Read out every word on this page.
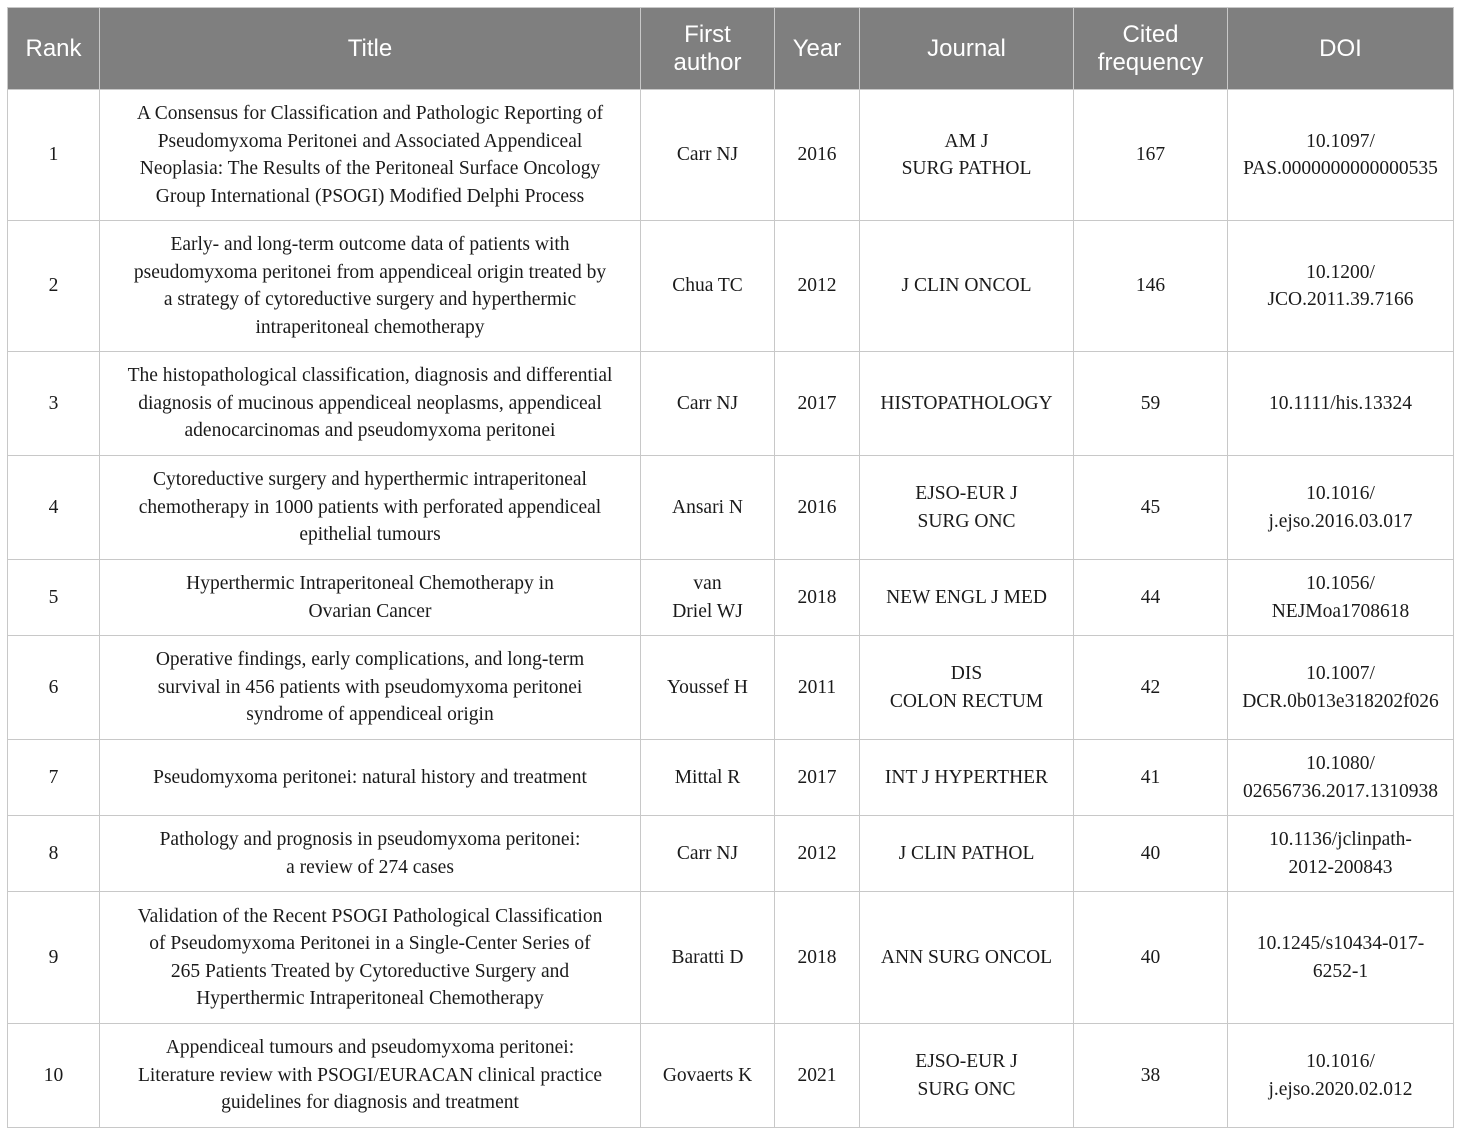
Rank	Title	First author	Year	Journal	Cited frequency	DOI
1	A Consensus for Classification and Pathologic Reporting of
Pseudomyxoma Peritonei and Associated Appendiceal
Neoplasia: The Results of the Peritoneal Surface Oncology
Group International (PSOGI) Modified Delphi Process	Carr NJ	2016	AM J
SURG PATHOL	167	10.1097/
PAS.0000000000000535

2	Early- and long-term outcome data of patients with
pseudomyxoma peritonei from appendiceal origin treated by
a strategy of cytoreductive surgery and hyperthermic
intraperitoneal chemotherapy	Chua TC	2012	J CLIN ONCOL	146	10.1200/
JCO.2011.39.7166

3	The histopathological classification, diagnosis and differential
diagnosis of mucinous appendiceal neoplasms, appendiceal
adenocarcinomas and pseudomyxoma peritonei	Carr NJ	2017	HISTOPATHOLOGY	59	10.1111/his.13324

4	Cytoreductive surgery and hyperthermic intraperitoneal
chemotherapy in 1000 patients with perforated appendiceal
epithelial tumours	Ansari N	2016	EJSO-EUR J
SURG ONC	45	10.1016/
j.ejso.2016.03.017

5	Hyperthermic Intraperitoneal Chemotherapy in
Ovarian Cancer	van
Driel WJ	2018	NEW ENGL J MED	44	10.1056/
NEJMoa1708618

6	Operative findings, early complications, and long-term
survival in 456 patients with pseudomyxoma peritonei
syndrome of appendiceal origin	Youssef H	2011	DIS
COLON RECTUM	42	10.1007/
DCR.0b013e318202f026

7	Pseudomyxoma peritonei: natural history and treatment	Mittal R	2017	INT J HYPERTHER	41	10.1080/
02656736.2017.1310938

8	Pathology and prognosis in pseudomyxoma peritonei:
a review of 274 cases	Carr NJ	2012	J CLIN PATHOL	40	10.1136/jclinpath-
2012-200843

9	Validation of the Recent PSOGI Pathological Classification
of Pseudomyxoma Peritonei in a Single-Center Series of
265 Patients Treated by Cytoreductive Surgery and
Hyperthermic Intraperitoneal Chemotherapy	Baratti D	2018	ANN SURG ONCOL	40	10.1245/s10434-017-
6252-1

10	Appendiceal tumours and pseudomyxoma peritonei:
Literature review with PSOGI/EURACAN clinical practice
guidelines for diagnosis and treatment	Govaerts K	2021	EJSO-EUR J
SURG ONC	38	10.1016/
j.ejso.2020.02.012
